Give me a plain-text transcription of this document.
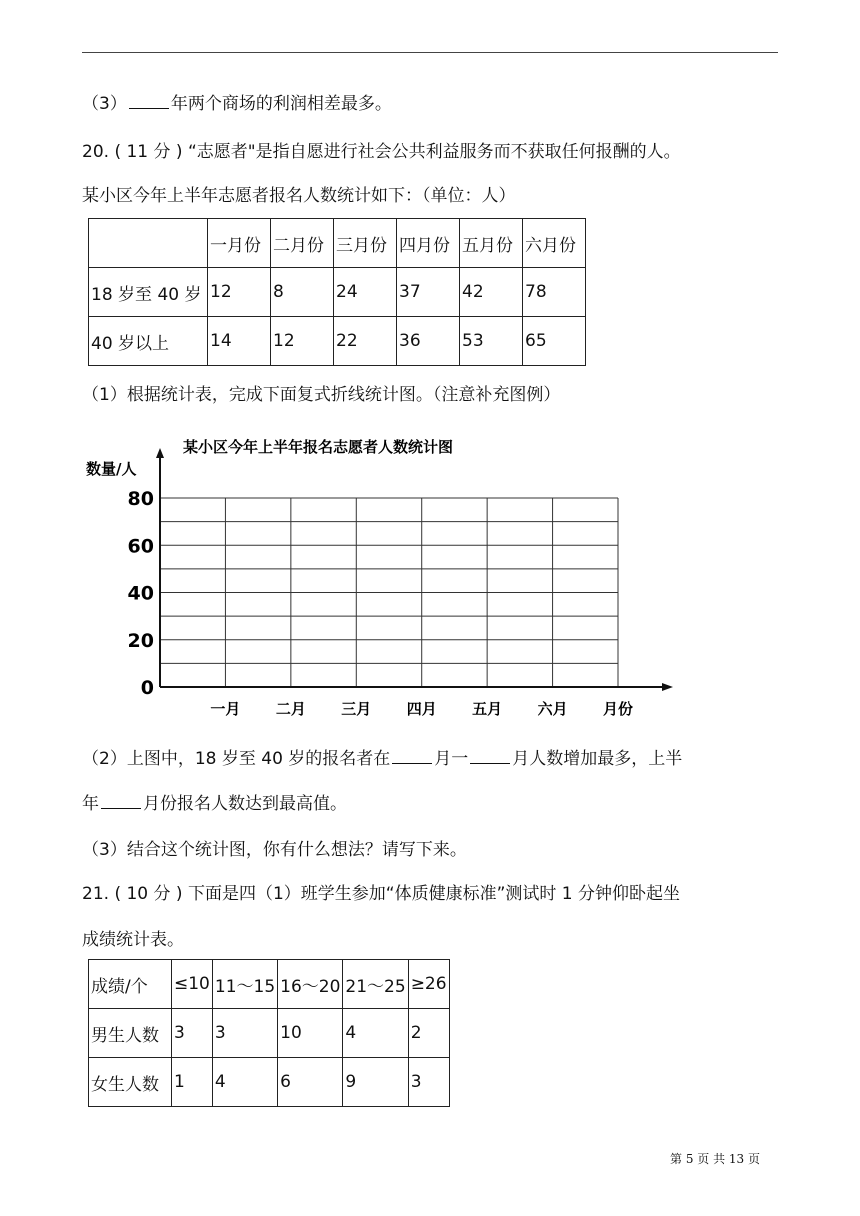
（3）	年两个商场的利润相差最多。
20. ( 11 分 ) “志愿者"是指自愿进行社会公共利益服务而不获取任何报酬的人。
某小区今年上半年志愿者报名人数统计如下：（单位：人）
	一月份	二月份	三月份	四月份	五月份	六月份
18 岁至 40 岁	12	8	24	37	42	78
40 岁以上	14	12	22	36	53	65
（1）根据统计表，完成下面复式折线统计图。（注意补充图例）
某小区今年上半年报名志愿者人数统计图
数量/人
0
20
40
60
80
一月 二月 三月 四月 五月 六月 月份
（2）上图中，18 岁至 40 岁的报名者在	月一	月人数增加最多，上半
年	月份报名人数达到最高值。
（3）结合这个统计图，你有什么想法？请写下来。
21. ( 10 分 ) 下面是四（1）班学生参加“体质健康标准”测试时 1 分钟仰卧起坐
成绩统计表。
成绩/个	≤10	11～15	16～20	21～25	≥26
男生人数	3	3	10	4	2
女生人数	1	4	6	9	3
第 5 页 共 13 页
